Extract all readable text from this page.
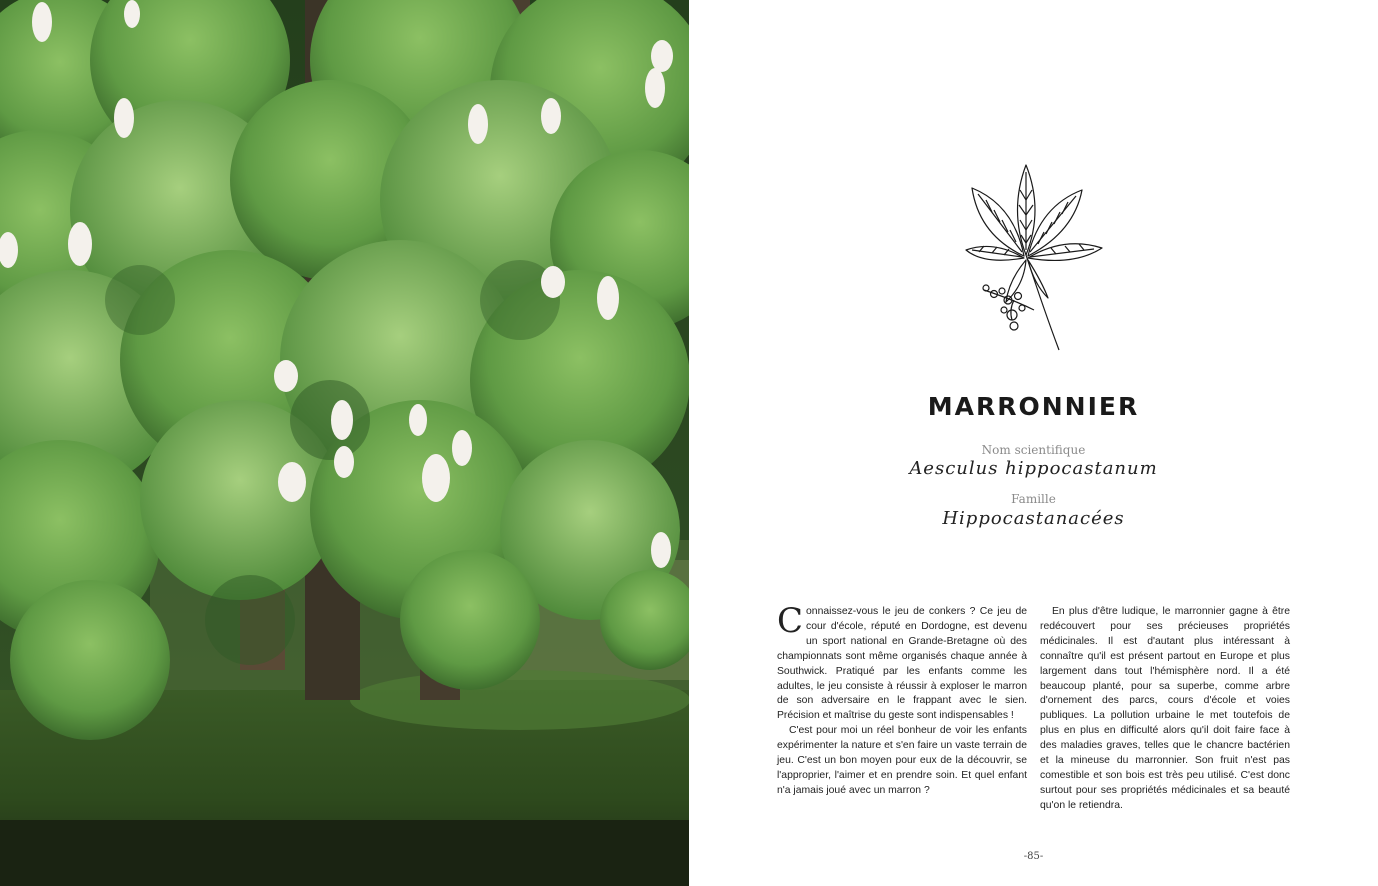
MARRONNIER
Nom scientifique
Aesculus hippocastanum
Famille
Hippocastanacées

Connaissez-vous le jeu de conkers ? Ce jeu de cour d'école, réputé en Dordogne, est devenu un sport national en Grande-Bretagne où des championnats sont même organisés chaque année à Southwick. Pratiqué par les enfants comme les adultes, le jeu consiste à réussir à exploser le marron de son adversaire en le frappant avec le sien. Précision et maîtrise du geste sont indispensables !

C'est pour moi un réel bonheur de voir les enfants expérimenter la nature et s'en faire un vaste terrain de jeu. C'est un bon moyen pour eux de la découvrir, se l'approprier, l'aimer et en prendre soin. Et quel enfant n'a jamais joué avec un marron ?

En plus d'être ludique, le marronnier gagne à être redécouvert pour ses précieuses propriétés médicinales. Il est d'autant plus intéressant à connaître qu'il est présent partout en Europe et plus largement dans tout l'hémisphère nord. Il a été beaucoup planté, pour sa superbe, comme arbre d'ornement des parcs, cours d'école et voies publiques. La pollution urbaine le met toutefois de plus en plus en difficulté alors qu'il doit faire face à des maladies graves, telles que le chancre bactérien et la mineuse du marronnier. Son fruit n'est pas comestible et son bois est très peu utilisé. C'est donc surtout pour ses propriétés médicinales et sa beauté qu'on le retiendra.

-85-
